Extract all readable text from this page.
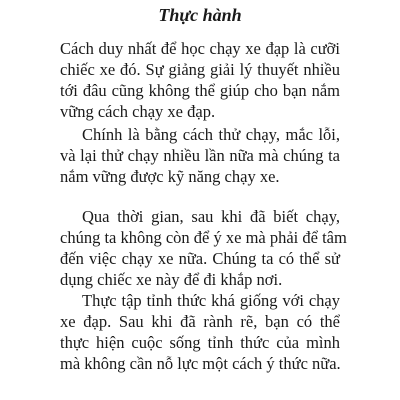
Thực hành

Cách duy nhất để học chạy xe đạp là cưỡi
chiếc xe đó. Sự giảng giải lý thuyết nhiều
tới đâu cũng không thể giúp cho bạn nắm
vững cách chạy xe đạp.

Chính là bằng cách thử chạy, mắc lỗi,
và lại thử chạy nhiều lần nữa mà chúng ta
nắm vững được kỹ năng chạy xe.

Qua thời gian, sau khi đã biết chạy,
chúng ta không còn để ý xe mà phải để tâm
đến việc chạy xe nữa. Chúng ta có thể sử
dụng chiếc xe này để đi khắp nơi.

Thực tập tỉnh thức khá giống với chạy
xe đạp. Sau khi đã rành rẽ, bạn có thể
thực hiện cuộc sống tỉnh thức của mình
mà không cần nỗ lực một cách ý thức nữa.
